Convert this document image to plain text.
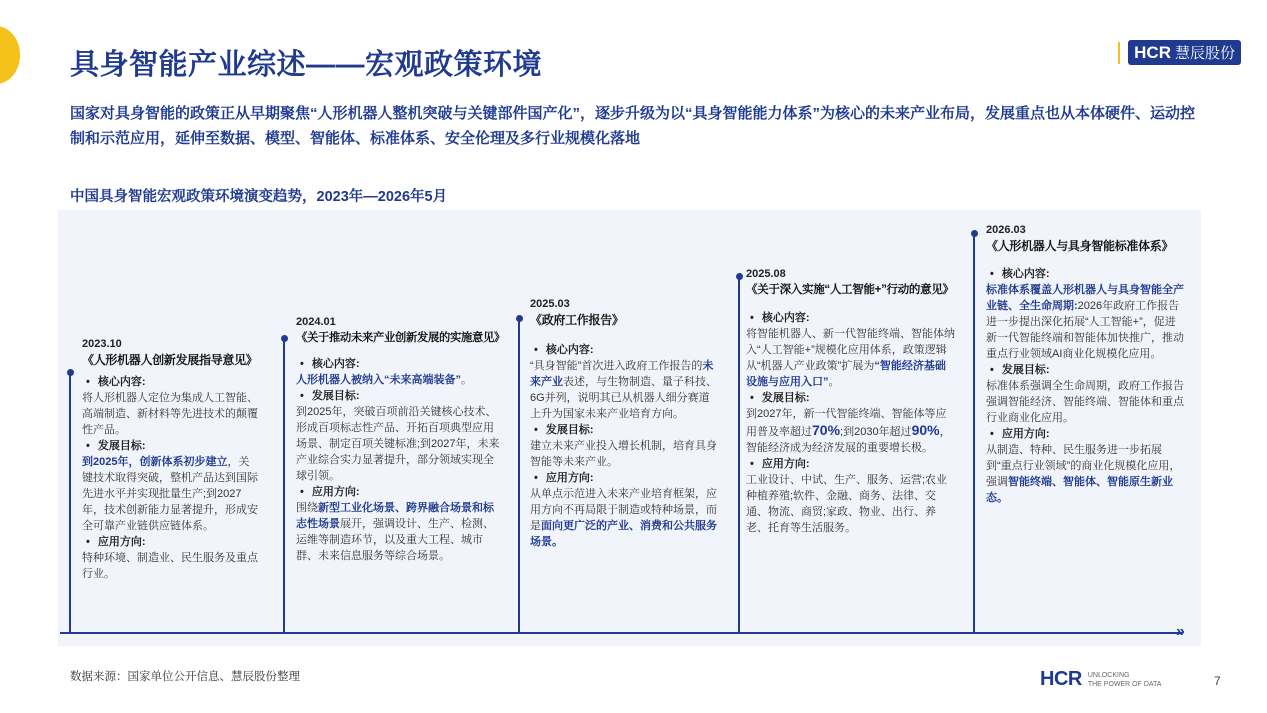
具身智能产业综述——宏观政策环境	HCR 慧辰股份
国家对具身智能的政策正从早期聚焦“人形机器人整机突破与关键部件国产化”，逐步升级为以“具身智能能力体系”为核心的未来产业布局，发展重点也从本体硬件、运动控制和示范应用，延伸至数据、模型、智能体、标准体系、安全伦理及多行业规模化落地
中国具身智能宏观政策环境演变趋势，2023年—2026年5月
»
2023.10
《人形机器人创新发展指导意见》
• 核心内容:
将人形机器人定位为集成人工智能、高端制造、新材料等先进技术的颠覆性产品。
• 发展目标:
到2025年，创新体系初步建立，关键技术取得突破，整机产品达到国际先进水平并实现批量生产;到2027年，技术创新能力显著提升，形成安全可靠产业链供应链体系。
• 应用方向:
特种环境、制造业、民生服务及重点行业。
2024.01
《关于推动未来产业创新发展的实施意见》
• 核心内容:
人形机器人被纳入“未来高端装备”。
• 发展目标:
到2025年，突破百项前沿关键核心技术、形成百项标志性产品、开拓百项典型应用场景、制定百项关键标准;到2027年，未来产业综合实力显著提升，部分领域实现全球引领。
• 应用方向:
围绕新型工业化场景、跨界融合场景和标志性场景展开，强调设计、生产、检测、运维等制造环节，以及重大工程、城市群、未来信息服务等综合场景。
2025.03
《政府工作报告》
• 核心内容:
“具身智能”首次进入政府工作报告的未来产业表述，与生物制造、量子科技、6G并列，说明其已从机器人细分赛道上升为国家未来产业培育方向。
• 发展目标:
建立未来产业投入增长机制，培育具身智能等未来产业。
• 应用方向:
从单点示范进入未来产业培育框架，应用方向不再局限于制造或特种场景，而是面向更广泛的产业、消费和公共服务场景。
2025.08
《关于深入实施“人工智能+”行动的意见》
• 核心内容:
将智能机器人、新一代智能终端、智能体纳入“人工智能+”规模化应用体系，政策逻辑从“机器人产业政策”扩展为“智能经济基础设施与应用入口”。
• 发展目标:
到2027年，新一代智能终端、智能体等应用普及率超过70%;到2030年超过90%，智能经济成为经济发展的重要增长极。
• 应用方向:
工业设计、中试、生产、服务、运营;农业种植养殖;软件、金融、商务、法律、交通、物流、商贸;家政、物业、出行、养老、托育等生活服务。
2026.03
《人形机器人与具身智能标准体系》
• 核心内容:
标准体系覆盖人形机器人与具身智能全产业链、全生命周期:2026年政府工作报告进一步提出深化拓展“人工智能+”，促进新一代智能终端和智能体加快推广，推动重点行业领域AI商业化规模化应用。
• 发展目标:
标准体系强调全生命周期，政府工作报告强调智能经济、智能终端、智能体和重点行业商业化应用。
• 应用方向:
从制造、特种、民生服务进一步拓展到“重点行业领域”的商业化规模化应用，强调智能终端、智能体、智能原生新业态。
数据来源：国家单位公开信息、慧辰股份整理	HCR UNLOCKING
THE POWER OF DATA	7
